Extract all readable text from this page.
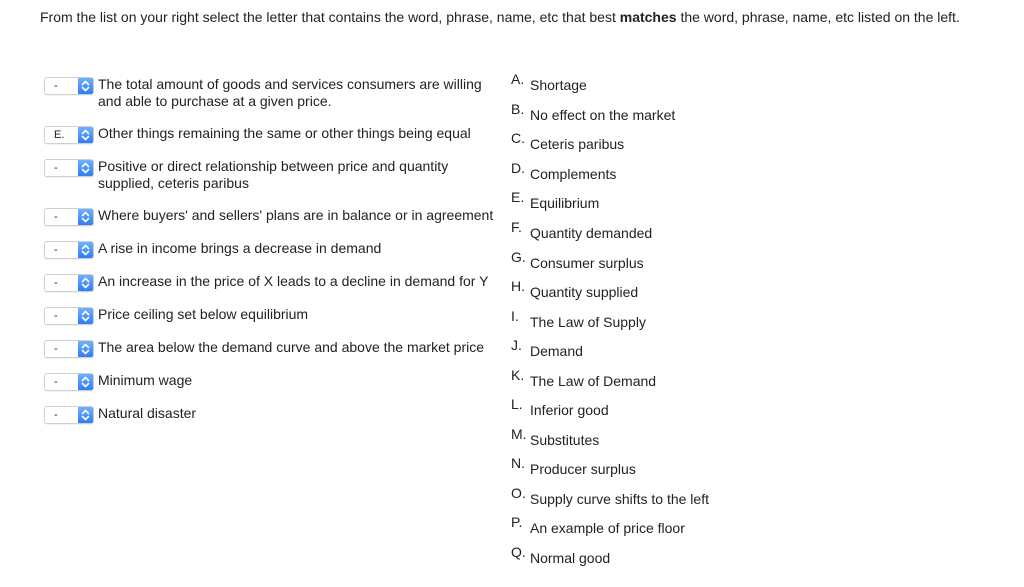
From the list on your right select the letter that contains the word, phrase, name, etc that best matches the word, phrase, name, etc listed on the left.
-	The total amount of goods and services consumers are willing and able to purchase at a given price.
E.	Other things remaining the same or other things being equal
-	Positive or direct relationship between price and quantity supplied, ceteris paribus
-	Where buyers' and sellers' plans are in balance or in agreement
-	A rise in income brings a decrease in demand
-	An increase in the price of X leads to a decline in demand for Y
-	Price ceiling set below equilibrium
-	The area below the demand curve and above the market price
-	Minimum wage
-	Natural disaster
A. Shortage
B. No effect on the market
C. Ceteris paribus
D. Complements
E. Equilibrium
F. Quantity demanded
G. Consumer surplus
H. Quantity supplied
I. The Law of Supply
J. Demand
K. The Law of Demand
L. Inferior good
M. Substitutes
N. Producer surplus
O. Supply curve shifts to the left
P. An example of price floor
Q. Normal good
